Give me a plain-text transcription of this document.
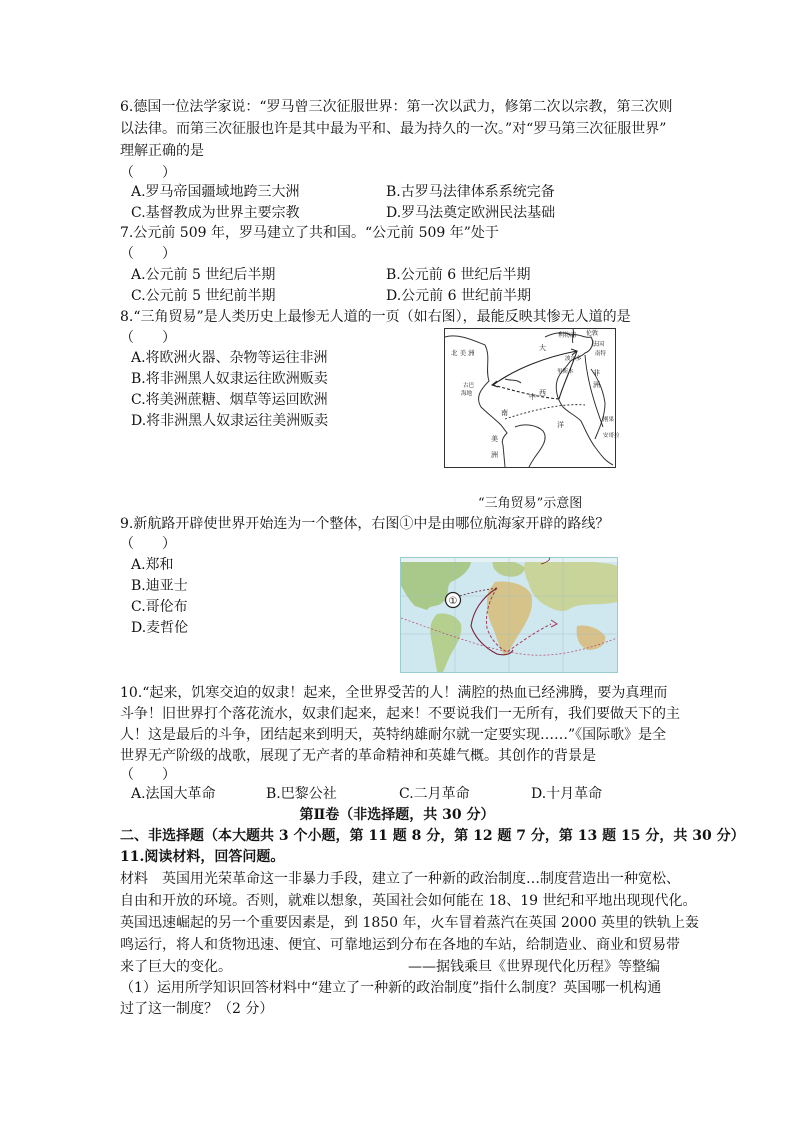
6.德国一位法学家说：“罗马曾三次征服世界：第一次以武力，修第二次以宗教，第三次则
以法律。而第三次征服也许是其中最为平和、最为持久的一次。”对“罗马第三次征服世界”
理解正确的是
（　　）
A.罗马帝国疆域地跨三大洲	B.古罗马法律体系系统完备
C.基督教成为世界主要宗教	D.罗马法奠定欧洲民法基础
7.公元前 509 年，罗马建立了共和国。“公元前 509 年”处于
（　　）
A.公元前 5 世纪后半期	B.公元前 6 世纪后半期
C.公元前 5 世纪前半期	D.公元前 6 世纪前半期
8.“三角贸易”是人类历史上最惨无人道的一页（如右图），最能反映其惨无人道的是
（　　）
A.将欧洲火器、杂物等运往非洲
B.将非洲黑人奴隶运往欧洲贩卖
C.将美洲蔗糖、烟草等运回欧洲
D.将非洲黑人奴隶运往美洲贩卖
利物浦 伦敦
法国
北 美 洲
大
南特
波尔多
里斯本	非
洲
古巴
海地	中 西
洋
南
美
洲
刚果
安哥拉
“三角贸易”示意图
9.新航路开辟使世界开始连为一个整体，右图①中是由哪位航海家开辟的路线？
（　　）
A.郑和
B.迪亚士
C.哥伦布
D.麦哲伦
①
10.“起来，饥寒交迫的奴隶！起来，全世界受苦的人！满腔的热血已经沸腾，要为真理而
斗争！旧世界打个落花流水，奴隶们起来，起来！不要说我们一无所有，我们要做天下的主
人！这是最后的斗争，团结起来到明天，英特纳雄耐尔就一定要实现……”《国际歌》是全
世界无产阶级的战歌，展现了无产者的革命精神和英雄气概。其创作的背景是
（　　）
A.法国大革命	B.巴黎公社	C.二月革命	D.十月革命
第Ⅱ卷（非选择题，共 30 分）
二、非选择题（本大题共 3 个小题，第 11 题 8 分，第 12 题 7 分，第 13 题 15 分，共 30 分）
11.阅读材料，回答问题。
材料　英国用光荣革命这一非暴力手段，建立了一种新的政治制度…制度营造出一种宽松、
自由和开放的环境。否则，就难以想象，英国社会如何能在 18、19 世纪和平地出现现代化。
英国迅速崛起的另一个重要因素是，到 1850 年，火车冒着蒸汽在英国 2000 英里的铁轨上轰
鸣运行，将人和货物迅速、便宜、可靠地运到分布在各地的车站，给制造业、商业和贸易带
来了巨大的变化。	——据钱乘旦《世界现代化历程》等整编
（1）运用所学知识回答材料中“建立了一种新的政治制度”指什么制度？英国哪一机构通
过了这一制度？（2 分）
